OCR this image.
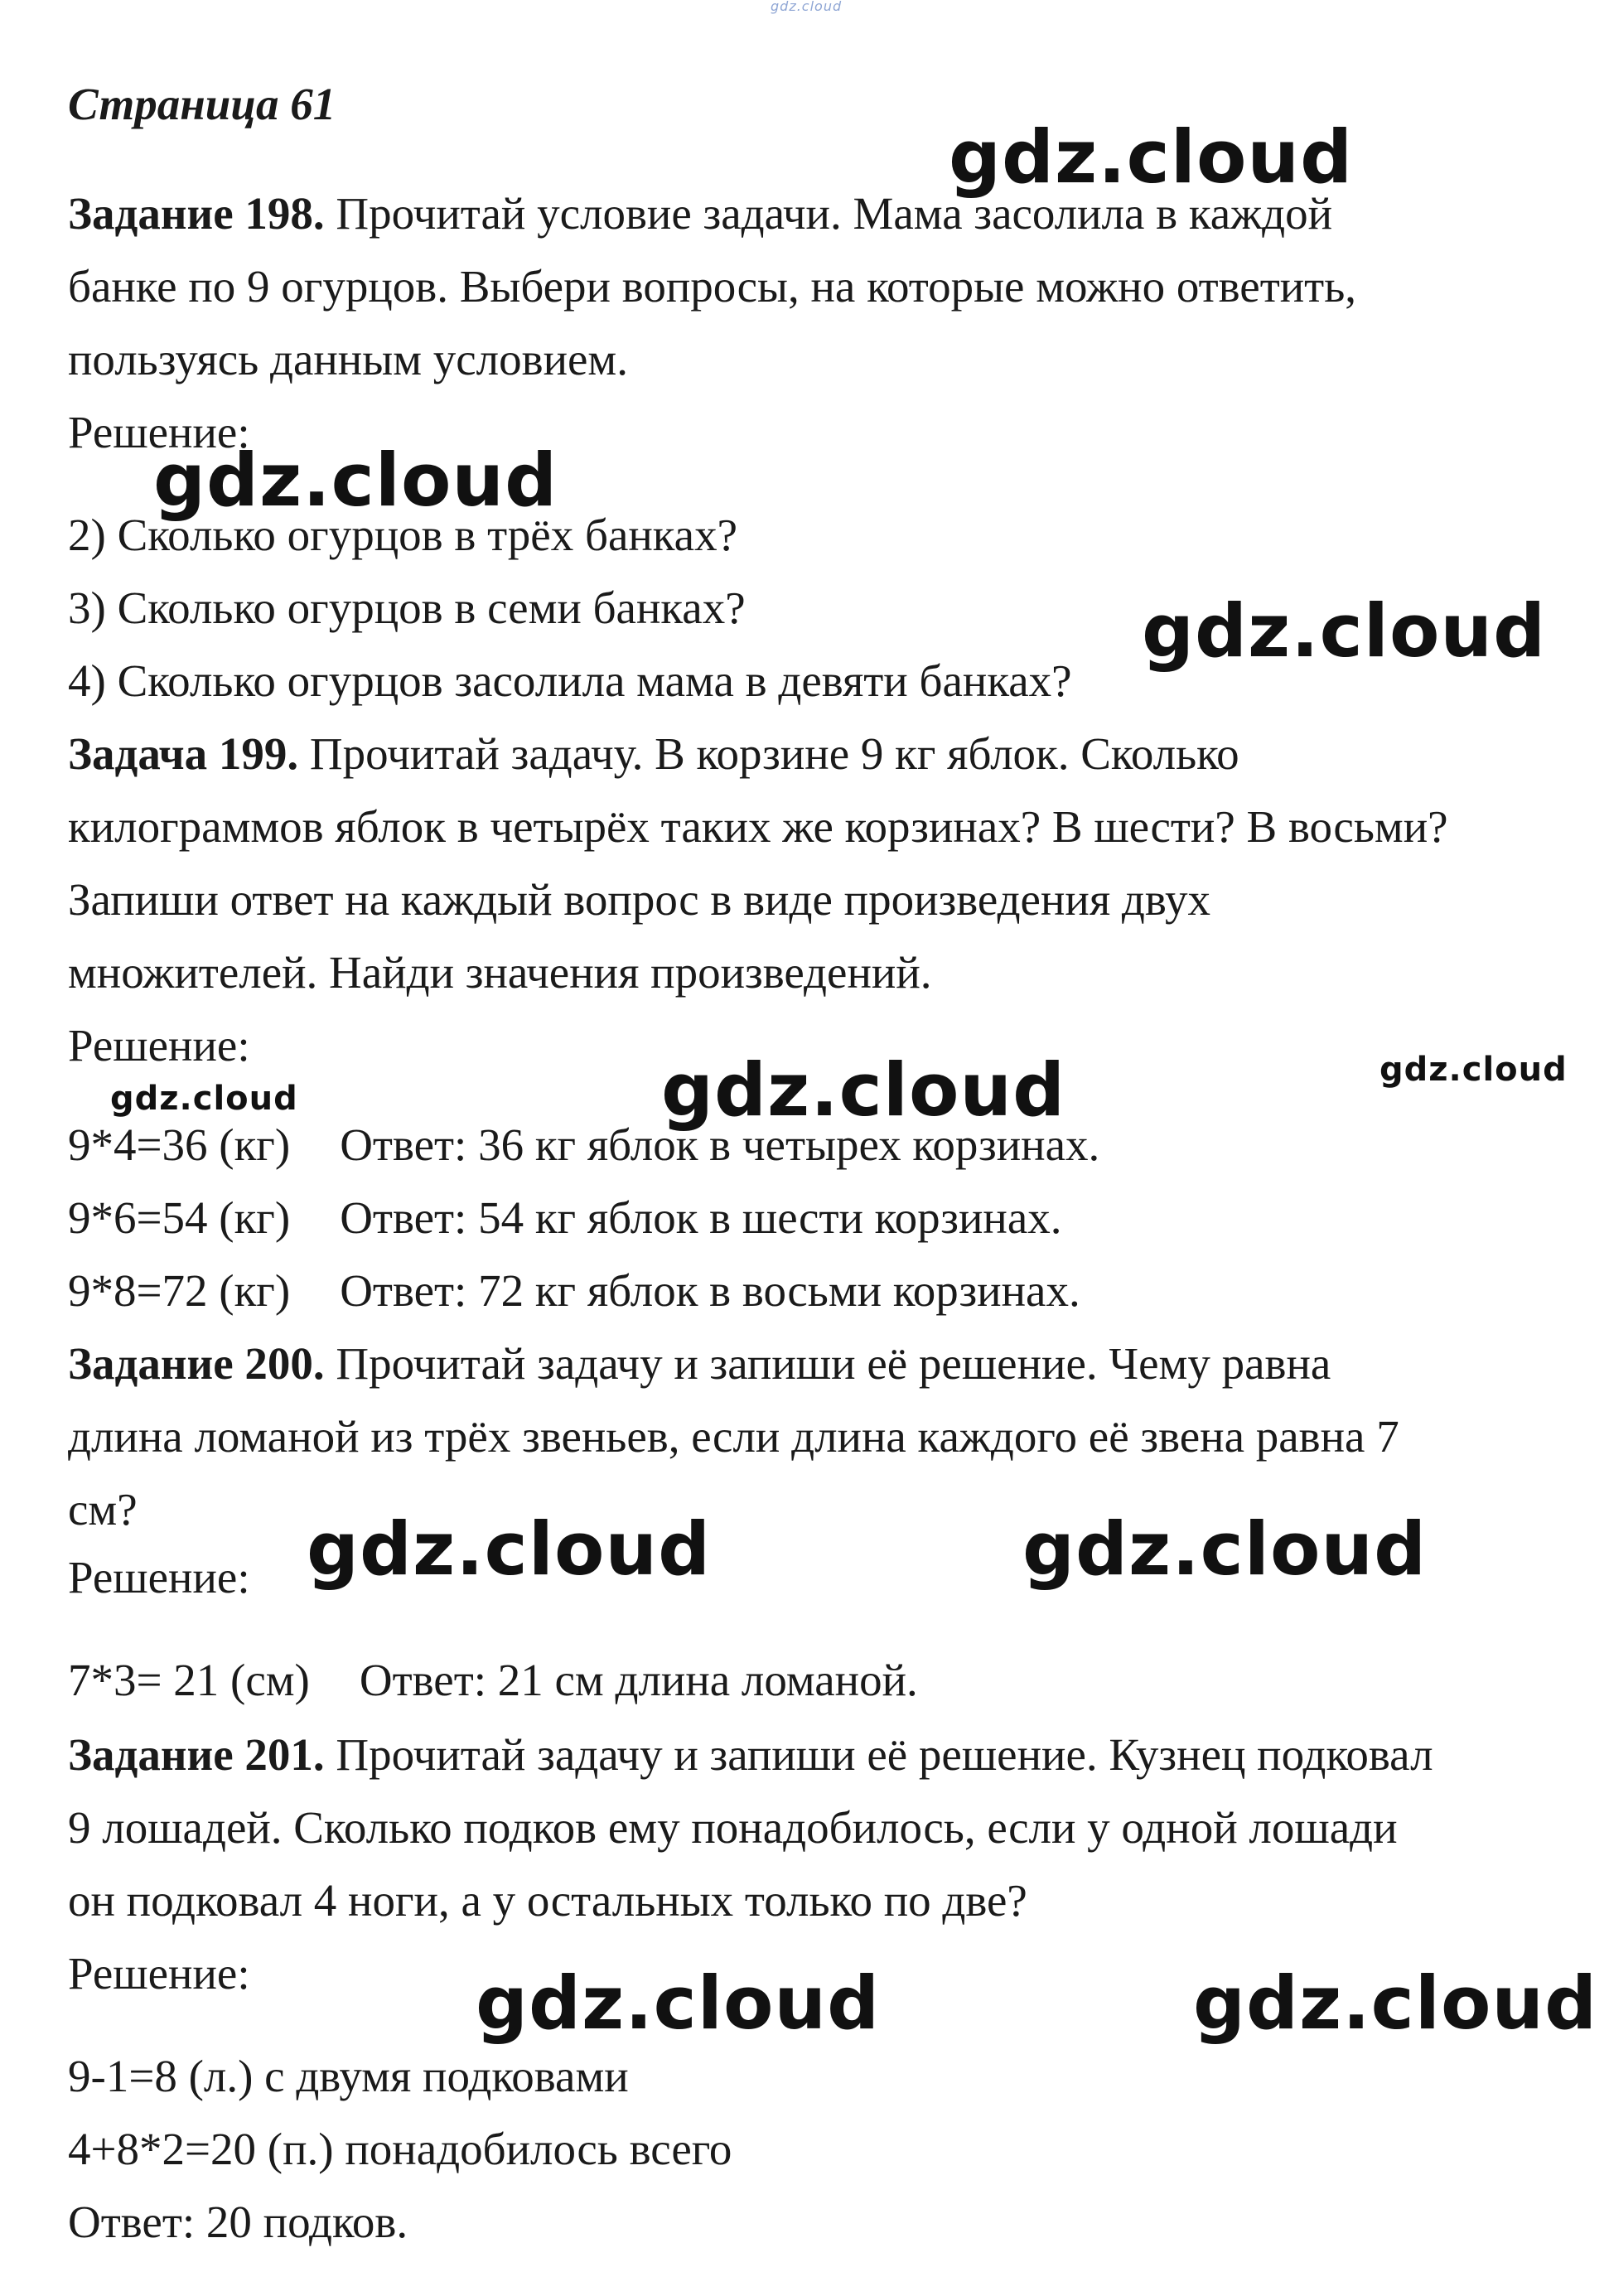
gdz.cloud
Страница 61
Задание 198. Прочитай условие задачи. Мама засолила в каждой
банке по 9 огурцов. Выбери вопросы, на которые можно ответить,
пользуясь данным условием.
Решение:
2) Сколько огурцов в трёх банках?
3) Сколько огурцов в семи банках?
4) Сколько огурцов засолила мама в девяти банках?
Задача 199. Прочитай задачу. В корзине 9 кг яблок. Сколько
килограммов яблок в четырёх таких же корзинах? В шести? В восьми?
Запиши ответ на каждый вопрос в виде произведения двух
множителей. Найди значения произведений.
Решение:
9*4=36 (кг) Ответ: 36 кг яблок в четырех корзинах.
9*6=54 (кг) Ответ: 54 кг яблок в шести корзинах.
9*8=72 (кг) Ответ: 72 кг яблок в восьми корзинах.
Задание 200. Прочитай задачу и запиши её решение. Чему равна
длина ломаной из трёх звеньев, если длина каждого её звена равна 7
см?
Решение:
7*3= 21 (см) Ответ: 21 см длина ломаной.
Задание 201. Прочитай задачу и запиши её решение. Кузнец подковал
9 лошадей. Сколько подков ему понадобилось, если у одной лошади
он подковал 4 ноги, а у остальных только по две?
Решение:
9-1=8 (л.) с двумя подковами
4+8*2=20 (п.) понадобилось всего
Ответ: 20 подков.
gdz.cloud
gdz.cloud
gdz.cloud
gdz.cloud	gdz.cloud	gdz.cloud
gdz.cloud	gdz.cloud
gdz.cloud	gdz.cloud
